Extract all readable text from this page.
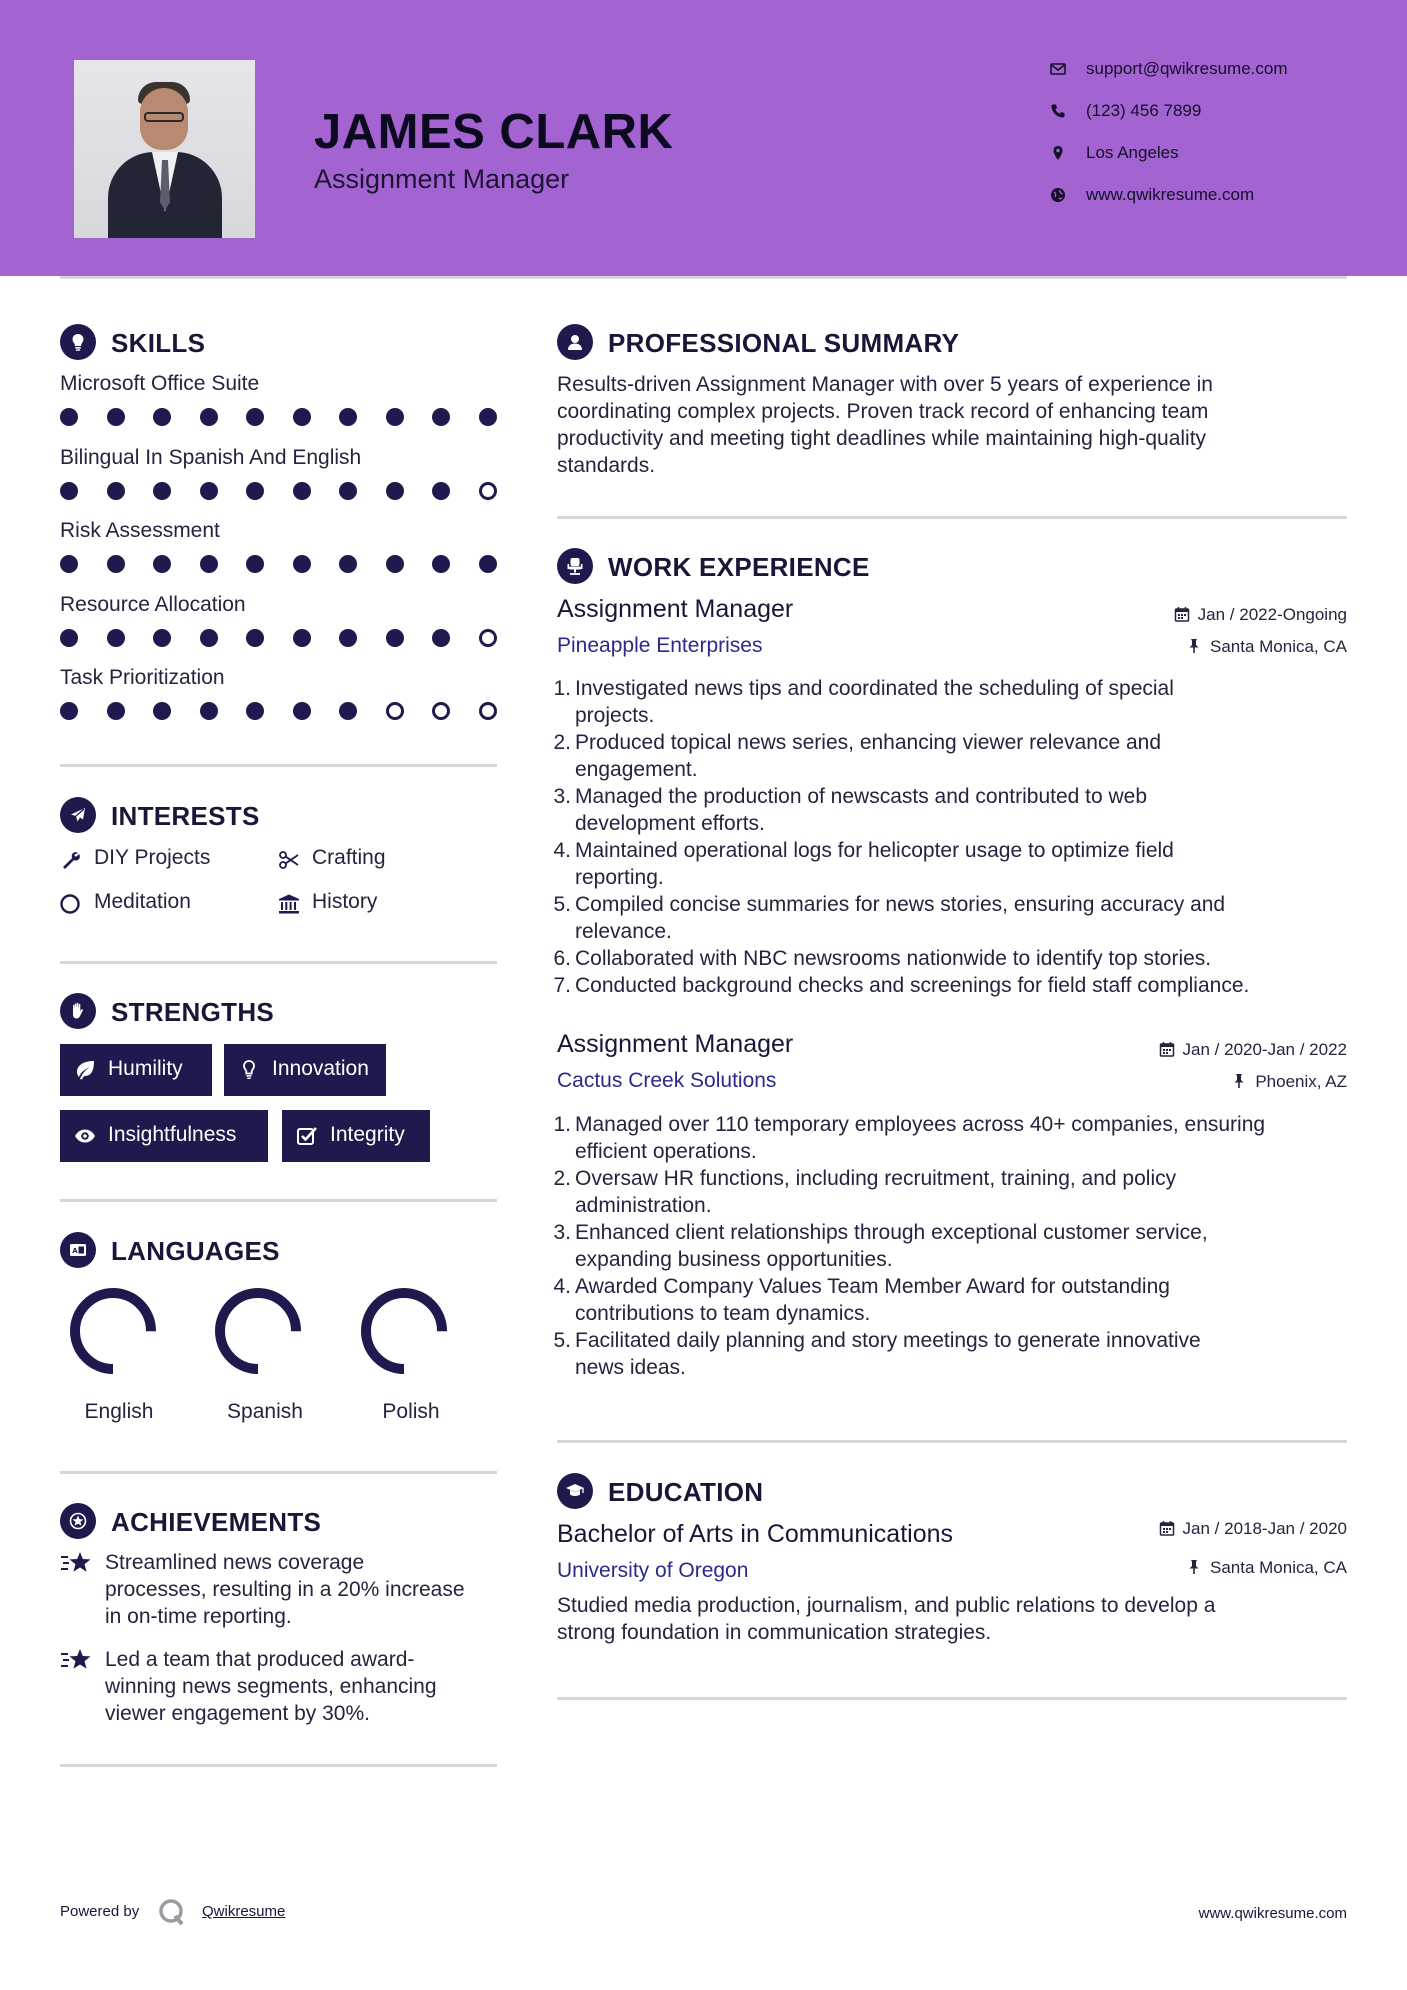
JAMES CLARK
Assignment Manager
support@qwikresume.com
(123) 456 7899
Los Angeles
www.qwikresume.com
SKILLS
Microsoft Office Suite
Bilingual In Spanish And English
Risk Assessment
Resource Allocation
Task Prioritization
INTERESTS
DIY Projects	Crafting
Meditation	History
STRENGTHS
Humility	Innovation
Insightfulness	Integrity
A LANGUAGES
English	Spanish	Polish
ACHIEVEMENTS
Streamlined news coverage
processes, resulting in a 20% increase
in on-time reporting.
Led a team that produced award-
winning news segments, enhancing
viewer engagement by 30%.
PROFESSIONAL SUMMARY
Results-driven Assignment Manager with over 5 years of experience in
coordinating complex projects. Proven track record of enhancing team
productivity and meeting tight deadlines while maintaining high-quality
standards.
WORK EXPERIENCE
Assignment Manager	Jan / 2022-Ongoing
Pineapple Enterprises	Santa Monica, CA
1. Investigated news tips and coordinated the scheduling of special
projects.
2. Produced topical news series, enhancing viewer relevance and
engagement.
3. Managed the production of newscasts and contributed to web
development efforts.
4. Maintained operational logs for helicopter usage to optimize field
reporting.
5. Compiled concise summaries for news stories, ensuring accuracy and
relevance.
6. Collaborated with NBC newsrooms nationwide to identify top stories.
7. Conducted background checks and screenings for field staff compliance.
Assignment Manager	Jan / 2020-Jan / 2022
Cactus Creek Solutions	Phoenix, AZ
1. Managed over 110 temporary employees across 40+ companies, ensuring
efficient operations.
2. Oversaw HR functions, including recruitment, training, and policy
administration.
3. Enhanced client relationships through exceptional customer service,
expanding business opportunities.
4. Awarded Company Values Team Member Award for outstanding
contributions to team dynamics.
5. Facilitated daily planning and story meetings to generate innovative
news ideas.
EDUCATION
Bachelor of Arts in Communications	Jan / 2018-Jan / 2020
University of Oregon	Santa Monica, CA
Studied media production, journalism, and public relations to develop a
strong foundation in communication strategies.
Powered by	Qwikresume	www.qwikresume.com
